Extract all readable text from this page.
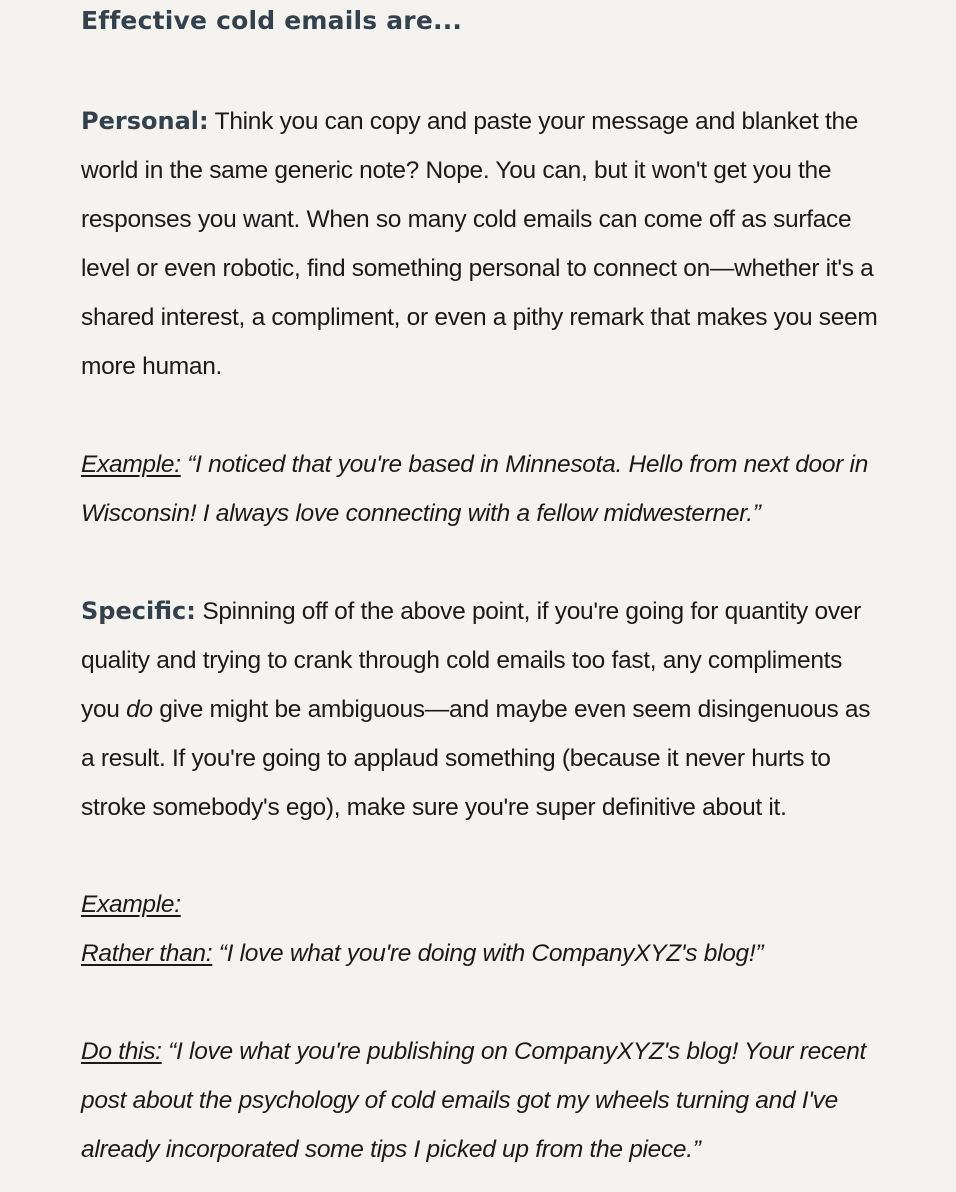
Effective cold emails are...

Personal: Think you can copy and paste your message and blanket the world in the same generic note? Nope. You can, but it won't get you the responses you want. When so many cold emails can come off as surface level or even robotic, find something personal to connect on—whether it's a shared interest, a compliment, or even a pithy remark that makes you seem more human.

Example: “I noticed that you're based in Minnesota. Hello from next door in Wisconsin! I always love connecting with a fellow midwesterner.”

Specific: Spinning off of the above point, if you're going for quantity over quality and trying to crank through cold emails too fast, any compliments you do give might be ambiguous—and maybe even seem disingenuous as a result. If you're going to applaud something (because it never hurts to stroke somebody's ego), make sure you're super definitive about it.

Example:
Rather than: “I love what you're doing with CompanyXYZ's blog!”

Do this: “I love what you're publishing on CompanyXYZ's blog! Your recent post about the psychology of cold emails got my wheels turning and I've already incorporated some tips I picked up from the piece.”
